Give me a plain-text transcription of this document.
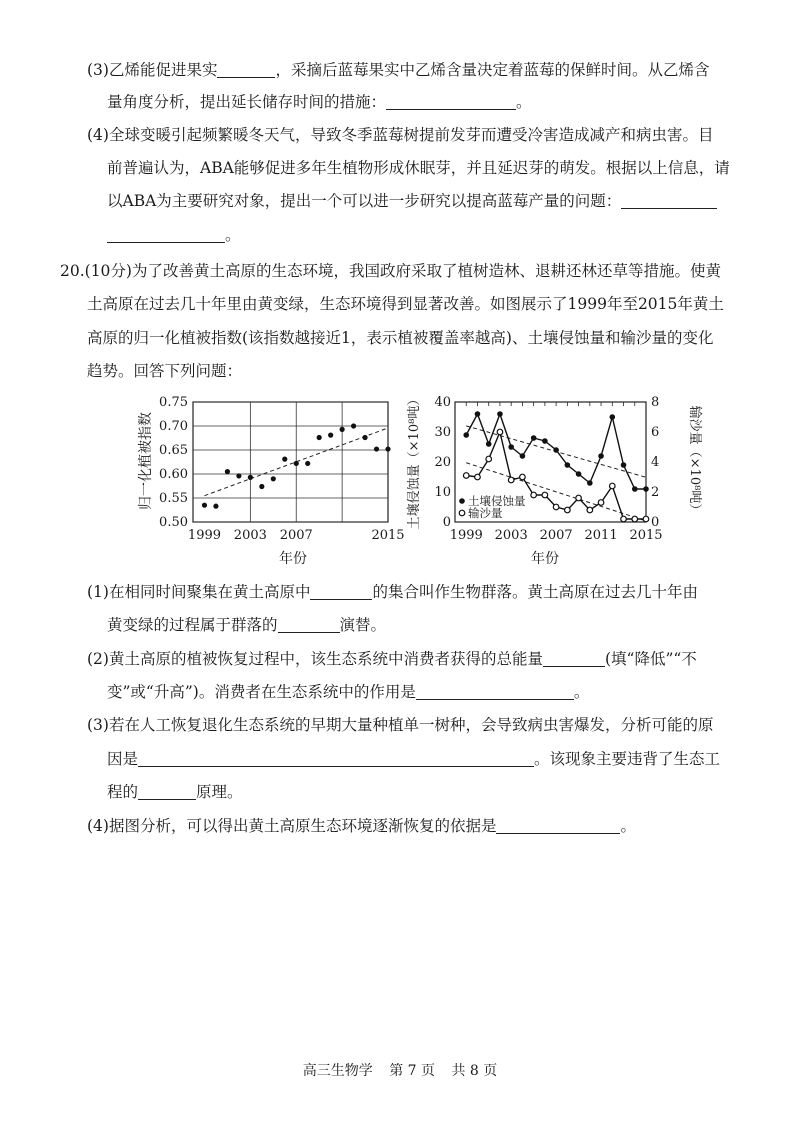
(3)乙烯能促进果实	，采摘后蓝莓果实中乙烯含量决定着蓝莓的保鲜时间。从乙烯含
量角度分析，提出延长储存时间的措施：	。
(4)全球变暖引起频繁暖冬天气，导致冬季蓝莓树提前发芽而遭受冷害造成减产和病虫害。目
前普遍认为，ABA能够促进多年生植物形成休眠芽，并且延迟芽的萌发。根据以上信息，请
以ABA为主要研究对象，提出一个可以进一步研究以提高蓝莓产量的问题：
。
20.(10分)为了改善黄土高原的生态环境，我国政府采取了植树造林、退耕还林还草等措施。使黄
土高原在过去几十年里由黄变绿，生态环境得到显著改善。如图展示了1999年至2015年黄土
高原的归一化植被指数(该指数越接近1，表示植被覆盖率越高)、土壤侵蚀量和输沙量的变化
趋势。回答下列问题：
0.75
0.70
0.65
0.60
0.55
0.50
1999 2003 2007	2015
归一化植被指数
年份
40
30
20
10
0
8
6
4
2
0
1999 2003 2007 2011 2015
土壤侵蚀量
输沙量
土壤侵蚀量（×10⁸吨）	输沙量（×10⁸吨）
年份
(1)在相同时间聚集在黄土高原中	的集合叫作生物群落。黄土高原在过去几十年由
黄变绿的过程属于群落的	演替。
(2)黄土高原的植被恢复过程中，该生态系统中消费者获得的总能量	(填“降低”“不
变”或“升高”)。消费者在生态系统中的作用是	。
(3)若在人工恢复退化生态系统的早期大量种植单一树种，会导致病虫害爆发，分析可能的原
因是	。该现象主要违背了生态工
程的	原理。
(4)据图分析，可以得出黄土高原生态环境逐渐恢复的依据是	。
高三生物学 第 7 页 共 8 页
